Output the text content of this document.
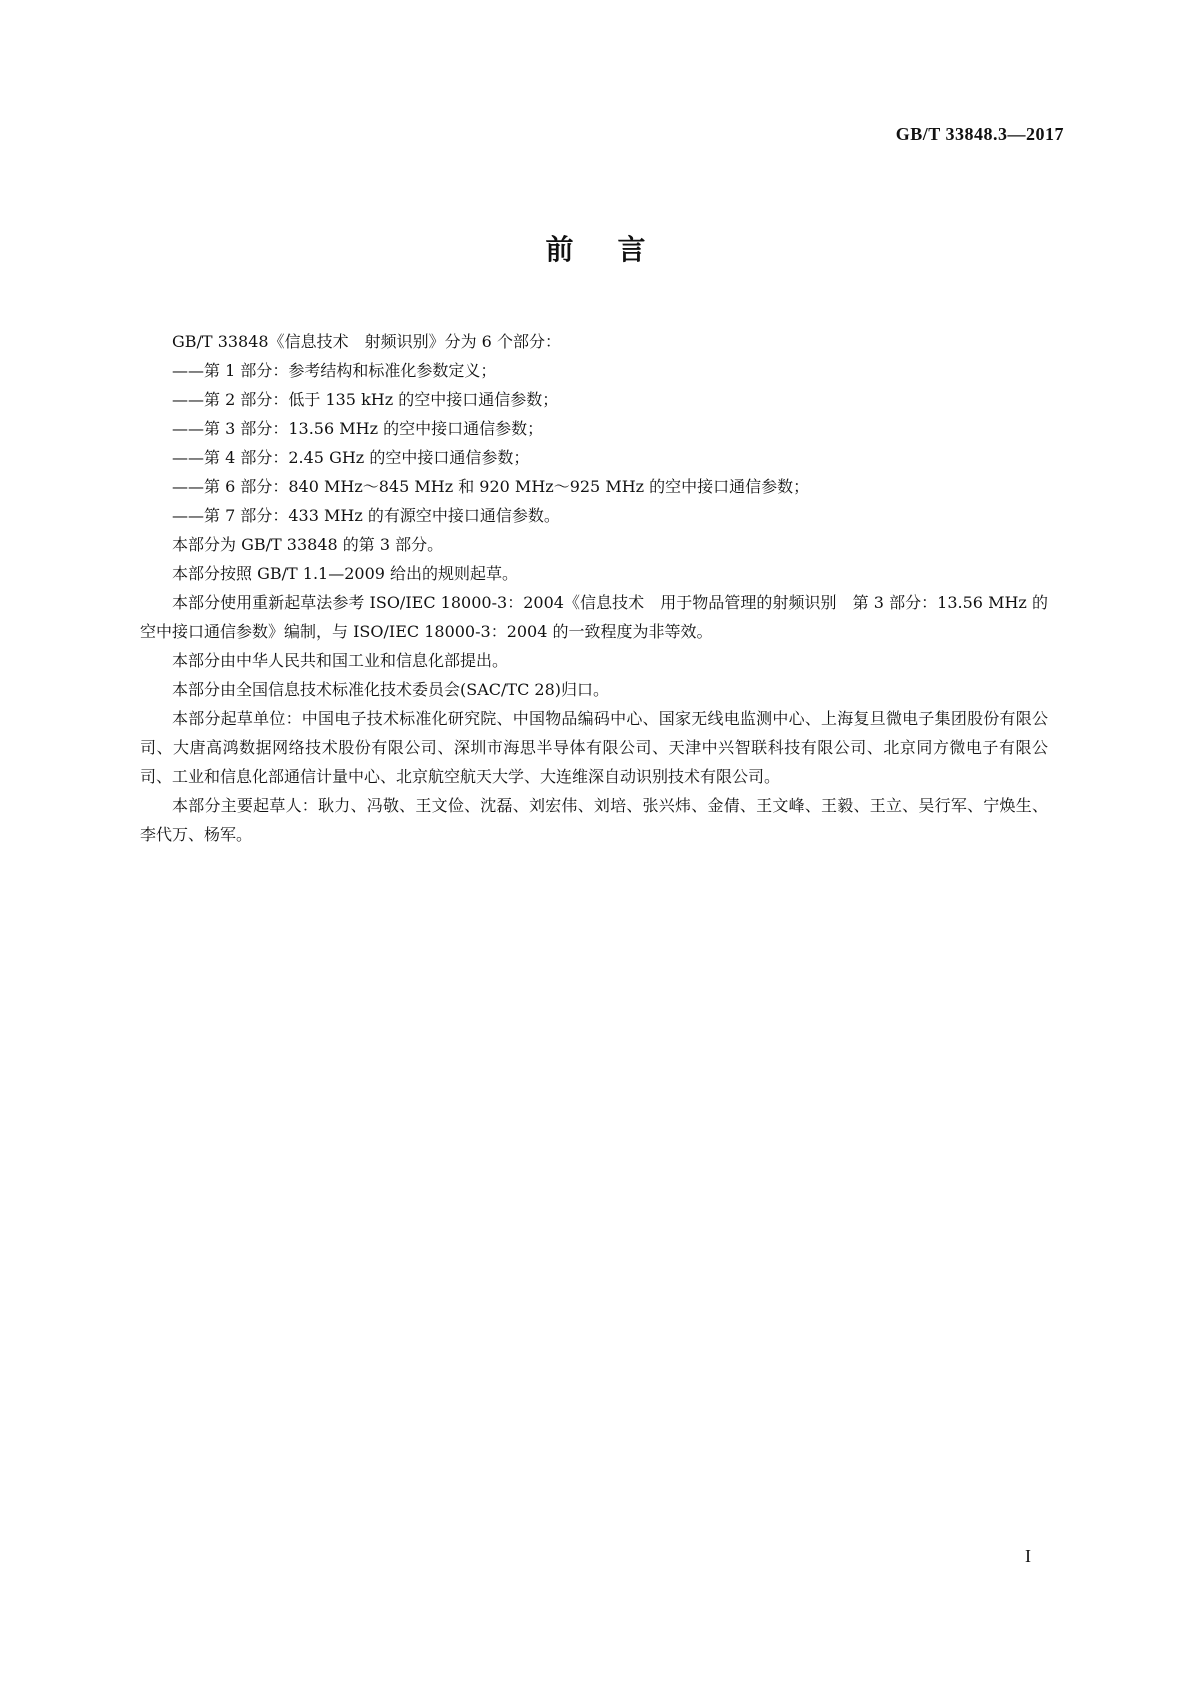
GB/T 33848.3—2017
前言

GB/T 33848《信息技术　射频识别》分为 6 个部分：

——第 1 部分：参考结构和标准化参数定义；

——第 2 部分：低于 135 kHz 的空中接口通信参数；

——第 3 部分：13.56 MHz 的空中接口通信参数；

——第 4 部分：2.45 GHz 的空中接口通信参数；

——第 6 部分：840 MHz～845 MHz 和 920 MHz～925 MHz 的空中接口通信参数；

——第 7 部分：433 MHz 的有源空中接口通信参数。

本部分为 GB/T 33848 的第 3 部分。

本部分按照 GB/T 1.1—2009 给出的规则起草。

本部分使用重新起草法参考 ISO/IEC 18000-3：2004《信息技术　用于物品管理的射频识别　第 3 部分：13.56 MHz 的空中接口通信参数》编制，与 ISO/IEC 18000-3：2004 的一致程度为非等效。

本部分由中华人民共和国工业和信息化部提出。

本部分由全国信息技术标准化技术委员会(SAC/TC 28)归口。

本部分起草单位：中国电子技术标准化研究院、中国物品编码中心、国家无线电监测中心、上海复旦微电子集团股份有限公司、大唐高鸿数据网络技术股份有限公司、深圳市海思半导体有限公司、天津中兴智联科技有限公司、北京同方微电子有限公司、工业和信息化部通信计量中心、北京航空航天大学、大连维深自动识别技术有限公司。

本部分主要起草人：耿力、冯敬、王文俭、沈磊、刘宏伟、刘培、张兴炜、金倩、王文峰、王毅、王立、吴行军、宁焕生、李代万、杨军。

I
